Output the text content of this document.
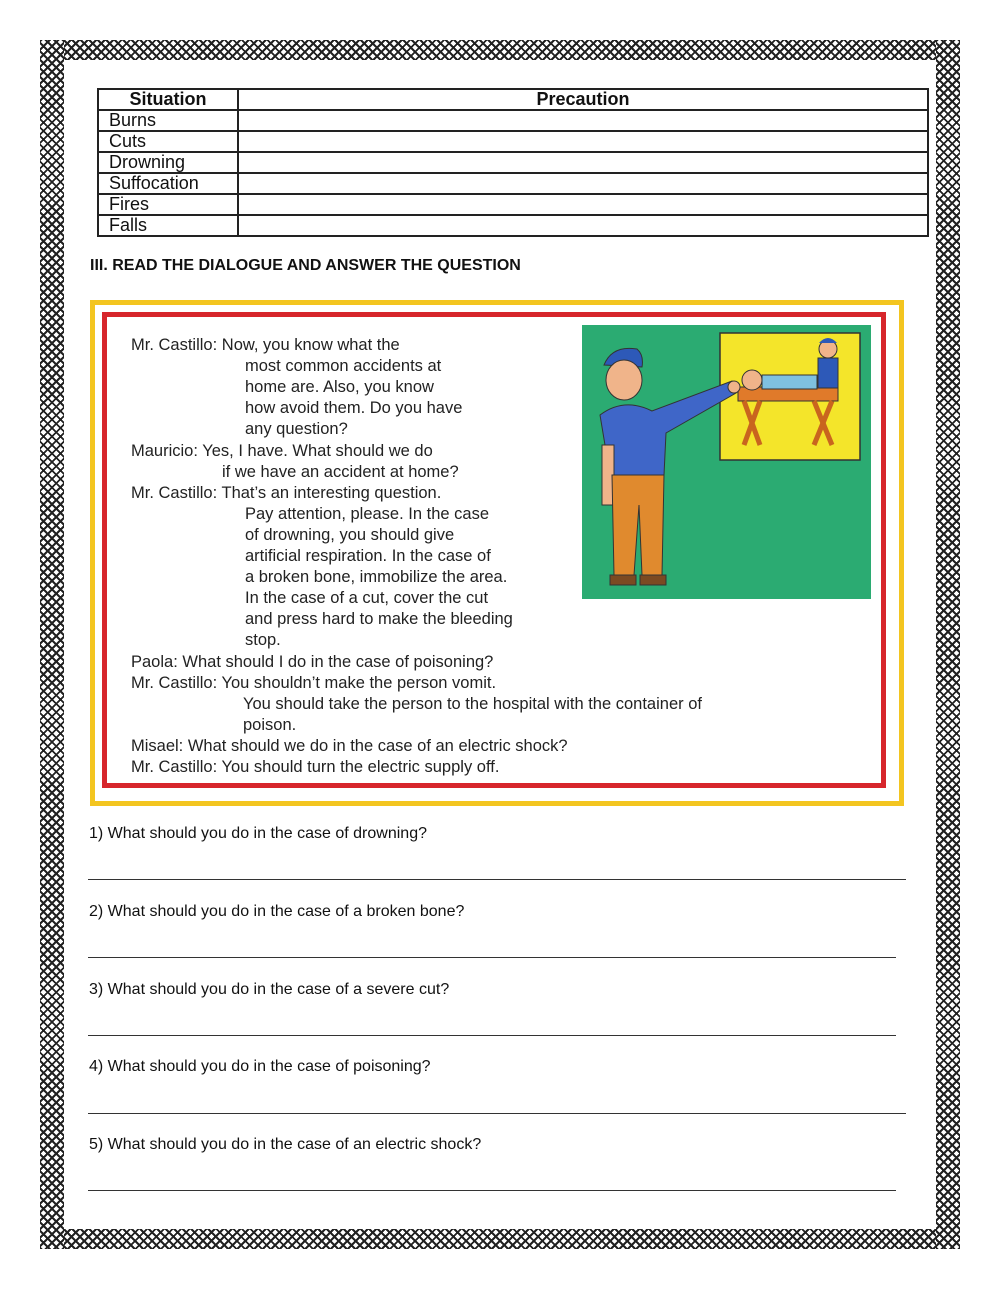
Situation	Precaution
Burns	
Cuts	
Drowning	
Suffocation	
Fires	
Falls	
III. READ THE DIALOGUE AND ANSWER THE QUESTION
Mr. Castillo: Now, you know what the
most common accidents at
home are. Also, you know
how avoid them. Do you have
any question?
Mauricio: Yes, I have. What should we do
if we have an accident at home?
Mr. Castillo: That’s an interesting question.
Pay attention, please. In the case
of drowning, you should give
artificial respiration. In the case of
a broken bone, immobilize the area.
In the case of a cut, cover the cut
and press hard to make the bleeding
stop.
Paola: What should I do in the case of poisoning?
Mr. Castillo: You shouldn’t make the person vomit.
You should take the person to the hospital with the container of
poison.
Misael: What should we do in the case of an electric shock?
Mr. Castillo: You should turn the electric supply off.
1) What should you do in the case of drowning?
2) What should you do in the case of a broken bone?
3) What should you do in the case of a severe cut?
4) What should you do in the case of poisoning?
5) What should you do in the case of an electric shock?
